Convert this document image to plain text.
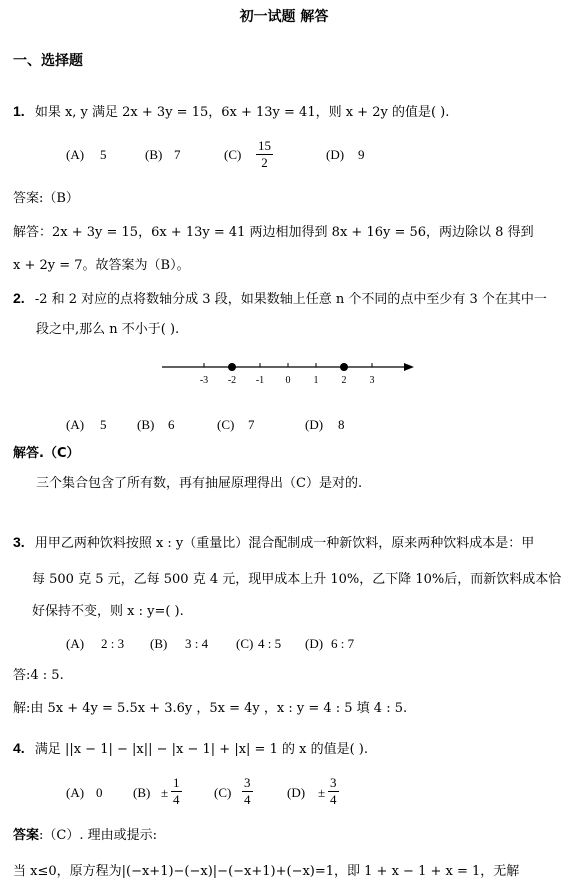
初一试题 解答
一、选择题
1. 如果 x, y 满足 2x + 3y = 15，6x + 13y = 41，则 x + 2y 的值是( ).
(A) 5	(B) 7	$(C) \frac{15}{2}$	(D) 9
答案:（B）
解答：2x + 3y = 15，6x + 13y = 41 两边相加得到 8x + 16y = 56，两边除以 8 得到
x + 2y = 7。故答案为（B）。
2. -2 和 2 对应的点将数轴分成 3 段，如果数轴上任意 n 个不同的点中至少有 3 个在其中一
段之中,那么 n 不小于( ).
-3 -2 -1 0 1 2 3
(A) 5 (B) 6	(C) 7	(D) 8
解答.（C）
三个集合包含了所有数，再有抽屉原理得出（C）是对的.
3. 用甲乙两种饮料按照 x : y（重量比）混合配制成一种新饮料，原来两种饮料成本是：甲
每 500 克 5 元，乙每 500 克 4 元，现甲成本上升 10%，乙下降 10%后，而新饮料成本恰
好保持不变，则 x : y=( ).
(A) 2 : 3 (B) 3 : 4 (C) 4 : 5 (D) 6 : 7
答:4 : 5.
解:由 5x + 4y = 5.5x + 3.6y ，5x = 4y ，x : y = 4 : 5 填 4 : 5.
4. 满足 ||x − 1| − |x|| − |x − 1| + |x| = 1 的 x 的值是( ).
(A) 0 $(B) \pm \frac{1}{4}$	$(C) \frac{3}{4}$	$(D) \pm \frac{3}{4}$
答案:（C）. 理由或提示:
当 x≤0，原方程为|(−x+1)−(−x)|−(−x+1)+(−x)=1，即 1 + x − 1 + x = 1，无解
